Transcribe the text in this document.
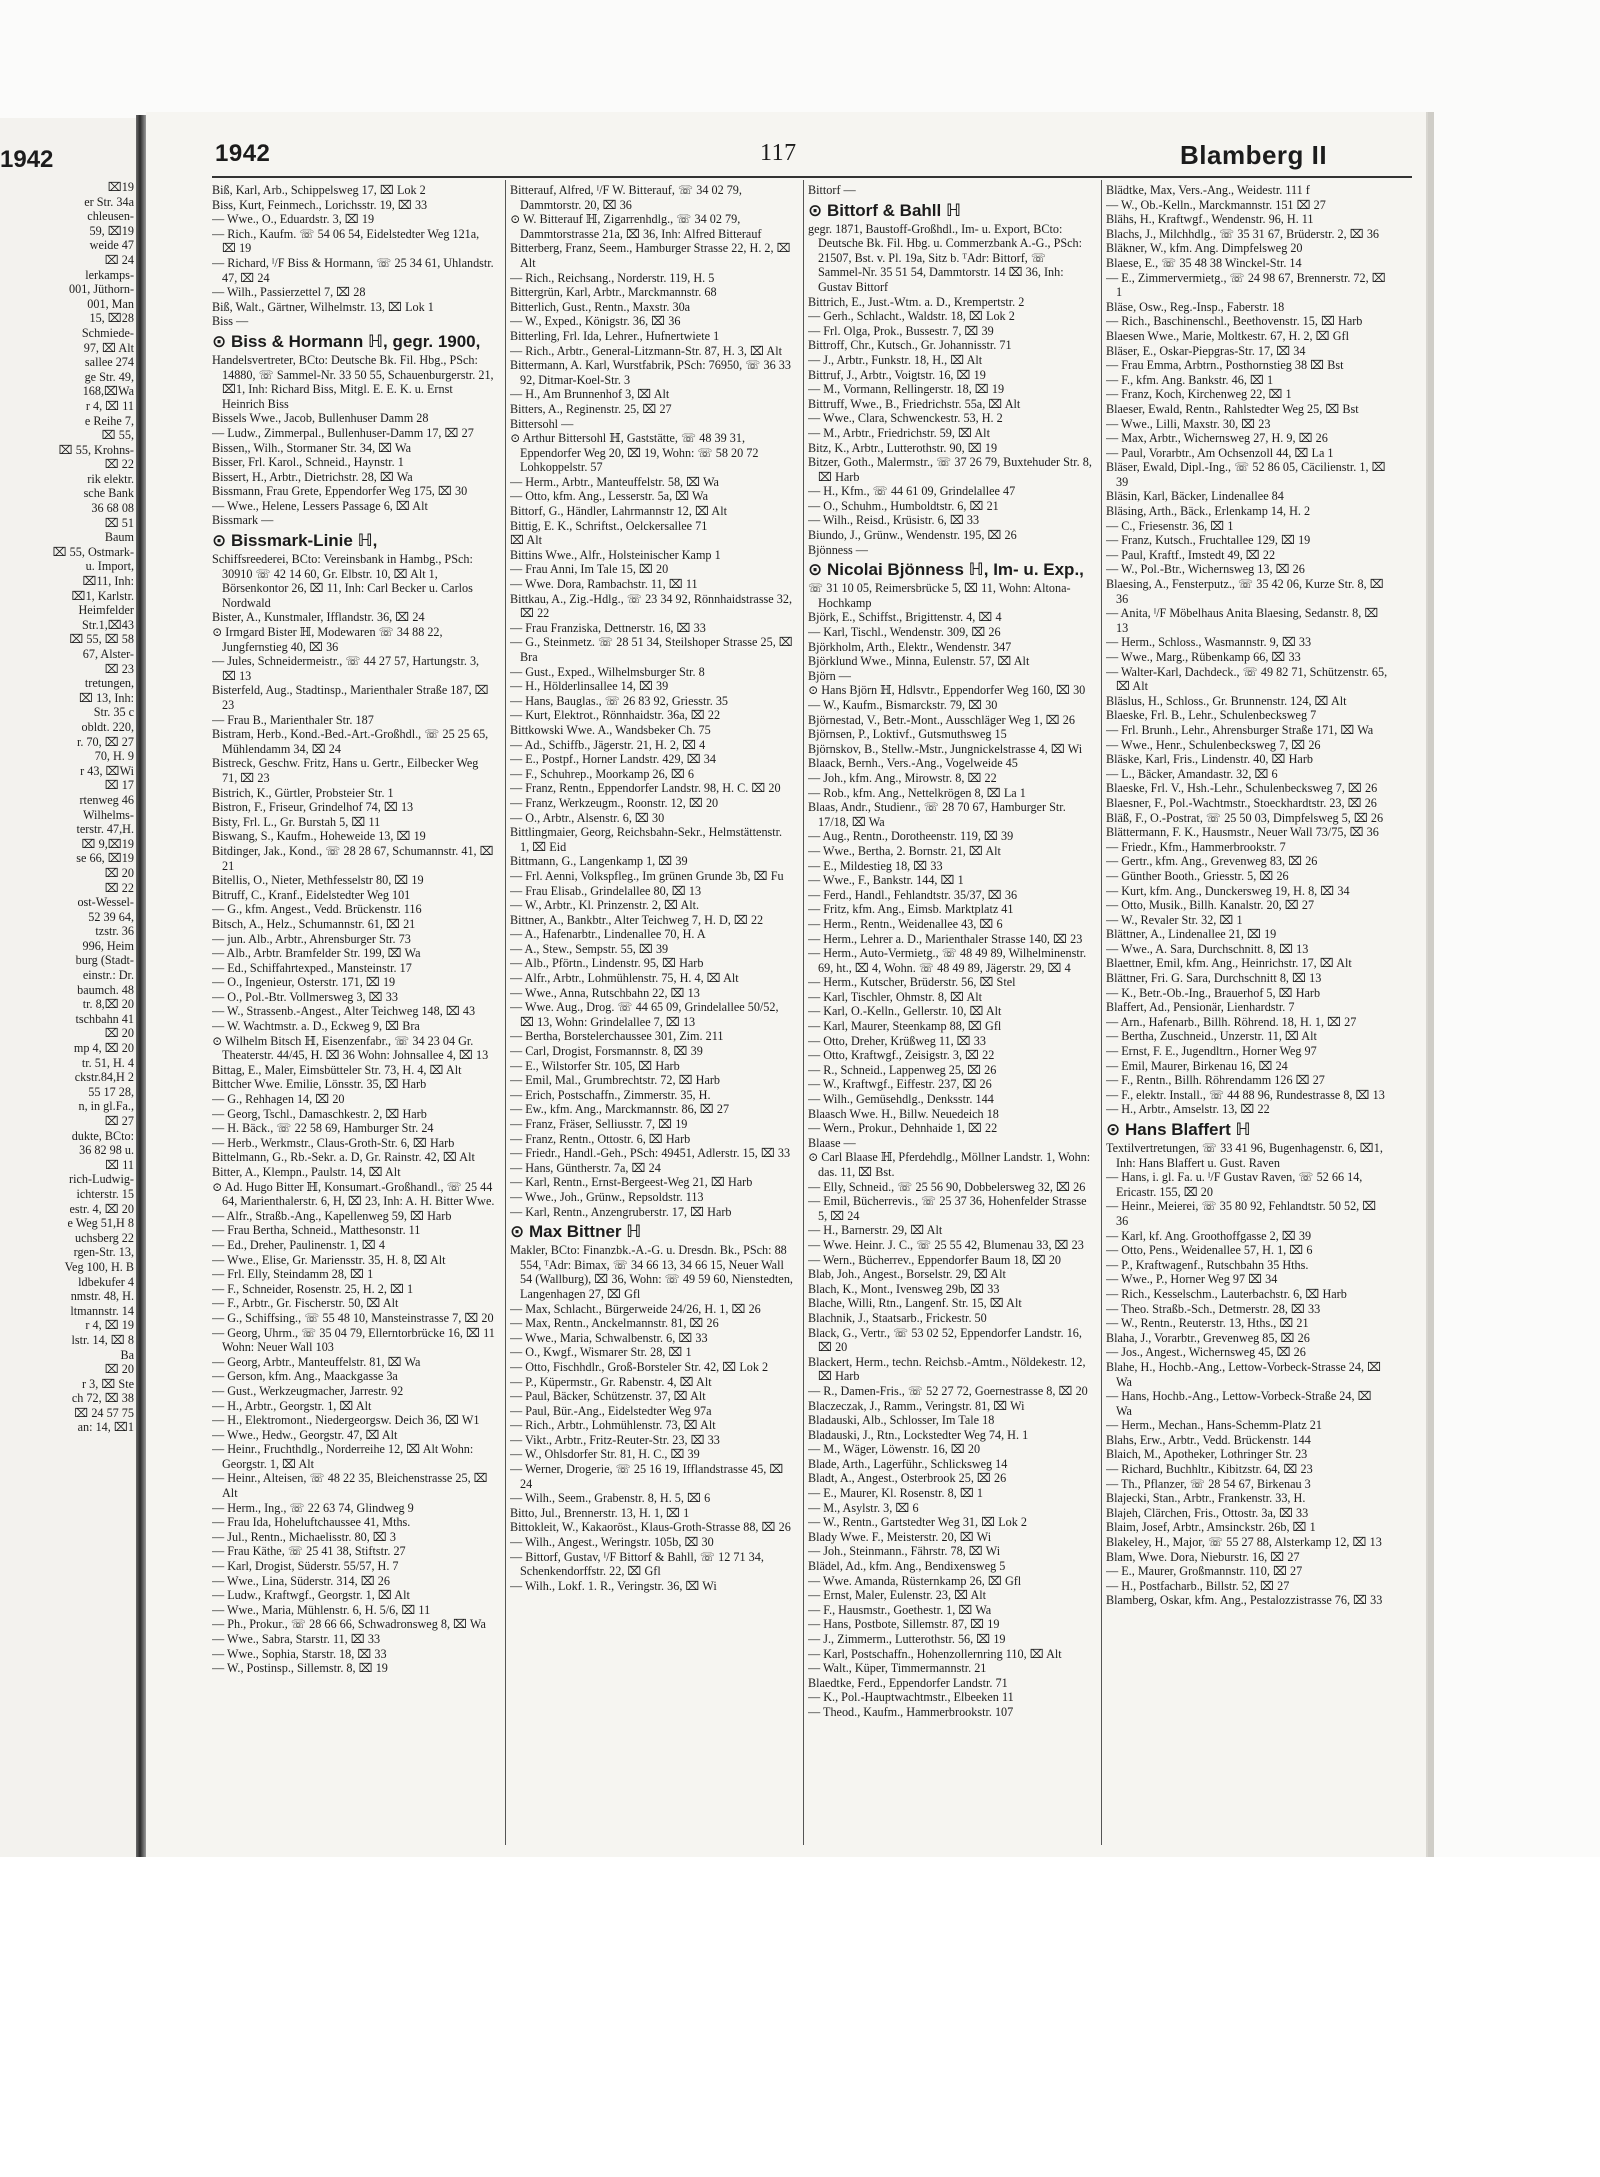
1942
⌧19
er Str. 34a
chleusen-
59, ⌧19
weide 47
⌧ 24
lerkamps-
001, Jüthorn-
001, Man
15, ⌧28
Schmiede-
97, ⌧ Alt
sallee 274
ge Str. 49,
168,⌧Wa
r 4, ⌧ 11
e Reihe 7,
⌧ 55,
⌧ 55, Krohns-
⌧ 22
rik elektr.
sche Bank
36 68 08
⌧ 51
Baum
⌧ 55, Ostmark-
u. Import,
⌧11, Inh:
⌧1, Karlstr.
Heimfelder
Str.1,⌧43
⌧ 55, ⌧ 58
67, Alster-
⌧ 23
tretungen,
⌧ 13, Inh:
Str. 35 c
obldt. 220,
r. 70, ⌧ 27
70, H. 9
r 43, ⌧Wi
⌧ 17
rtenweg 46
Wilhelms-
terstr. 47,H.
⌧ 9,⌧19
se 66, ⌧19
⌧ 20
⌧ 22
ost-Wessel-
52 39 64,
tzstr. 36
996, Heim
burg (Stadt-
einstr.: Dr.
baumch. 48
tr. 8,⌧ 20
tschbahn 41
⌧ 20
mp 4, ⌧ 20
tr. 51, H. 4
ckstr.84,H 2
55 17 28,
n, in gl.Fa.,
⌧ 27
dukte, BCto:
36 82 98 u.
⌧ 11
rich-Ludwig-
ichterstr. 15
estr. 4, ⌧ 20
e Weg 51,H 8
uchsberg 22
rgen-Str. 13,
Veg 100, H. B
ldbekufer 4
nmstr. 48, H.
ltmannstr. 14
r 4, ⌧ 19
lstr. 14, ⌧ 8
Ba
⌧ 20
r 3, ⌧ Ste
ch 72, ⌧ 38
⌧ 24 57 75
an: 14, ⌧1
1942	117	Blamberg II
Biß, Karl, Arb., Schippelsweg 17, ⌧ Lok 2
Biss, Kurt, Feinmech., Lorichsstr. 19, ⌧ 33
— Wwe., O., Eduardstr. 3, ⌧ 19
— Rich., Kaufm. ☏ 54 06 54, Eidelstedter Weg 121a, ⌧ 19
— Richard, ᴵ/F Biss & Hormann, ☏ 25 34 61, Uhlandstr. 47, ⌧ 24
— Wilh., Passierzettel 7, ⌧ 28
Biß, Walt., Gärtner, Wilhelmstr. 13, ⌧ Lok 1
Biss —
⊙ Biss & Hormann ℍ, gegr. 1900,
Handelsvertreter, BCto: Deutsche Bk. Fil. Hbg., PSch: 14880, ☏ Sammel-Nr. 33 50 55, Schauenburgerstr. 21, ⌧1, Inh: Richard Biss, Mitgl. E. E. K. u. Ernst Heinrich Biss
Bissels Wwe., Jacob, Bullenhuser Damm 28
— Ludw., Zimmerpal., Bullenhuser-Damm 17, ⌧ 27
Bissen,, Wilh., Stormaner Str. 34, ⌧ Wa
Bisser, Frl. Karol., Schneid., Haynstr. 1
Bissert, H., Arbtr., Dietrichstr. 28, ⌧ Wa
Bissmann, Frau Grete, Eppendorfer Weg 175, ⌧ 30
— Wwe., Helene, Lessers Passage 6, ⌧ Alt
Bissmark —
⊙ Bissmark-Linie ℍ,
Schiffsreederei, BCto: Vereinsbank in Hambg., PSch: 30910 ☏ 42 14 60, Gr. Elbstr. 10, ⌧ Alt 1, Börsenkontor 26, ⌧ 11, Inh: Carl Becker u. Carlos Nordwald
Bister, A., Kunstmaler, Ifflandstr. 36, ⌧ 24
⊙ Irmgard Bister ℍ, Modewaren ☏ 34 88 22, Jungfernstieg 40, ⌧ 36
— Jules, Schneidermeistr., ☏ 44 27 57, Hartungstr. 3, ⌧ 13
Bisterfeld, Aug., Stadtinsp., Marienthaler Straße 187, ⌧ 23
— Frau B., Marienthaler Str. 187
Bistram, Herb., Kond.-Bed.-Art.-Großhdl., ☏ 25 25 65, Mühlendamm 34, ⌧ 24
Bistreck, Geschw. Fritz, Hans u. Gertr., Eilbecker Weg 71, ⌧ 23
Bistrich, K., Gürtler, Probsteier Str. 1
Bistron, F., Friseur, Grindelhof 74, ⌧ 13
Bisty, Frl. L., Gr. Burstah 5, ⌧ 11
Biswang, S., Kaufm., Hoheweide 13, ⌧ 19
Bitdinger, Jak., Kond., ☏ 28 28 67, Schumannstr. 41, ⌧ 21
Bitellis, O., Nieter, Methfesselstr 80, ⌧ 19
Bitruff, C., Kranf., Eidelstedter Weg 101
— G., kfm. Angest., Vedd. Brückenstr. 116
Bitsch, A., Helz., Schumannstr. 61, ⌧ 21
— jun. Alb., Arbtr., Ahrensburger Str. 73
— Alb., Arbtr. Bramfelder Str. 199, ⌧ Wa
— Ed., Schiffahrtexped., Mansteinstr. 17
— O., Ingenieur, Osterstr. 171, ⌧ 19
— O., Pol.-Btr. Vollmersweg 3, ⌧ 33
— W., Strassenb.-Angest., Alter Teichweg 148, ⌧ 43
— W. Wachtmstr. a. D., Eckweg 9, ⌧ Bra
⊙ Wilhelm Bitsch ℍ, Eisenzenfabr., ☏ 34 23 04 Gr. Theaterstr. 44/45, H. ⌧ 36 Wohn: Johnsallee 4, ⌧ 13
Bittag, E., Maler, Eimsbütteler Str. 73, H. 4, ⌧ Alt
Bittcher Wwe. Emilie, Lönsstr. 35, ⌧ Harb
— G., Rehhagen 14, ⌧ 20
— Georg, Tschl., Damaschkestr. 2, ⌧ Harb
— H. Bäck., ☏ 22 58 69, Hamburger Str. 24
— Herb., Werkmstr., Claus-Groth-Str. 6, ⌧ Harb
Bittelmann, G., Rb.-Sekr. a. D, Gr. Rainstr. 42, ⌧ Alt
Bitter, A., Klempn., Paulstr. 14, ⌧ Alt
⊙ Ad. Hugo Bitter ℍ, Konsumart.-Großhandl., ☏ 25 44 64, Marienthalerstr. 6, H, ⌧ 23, Inh: A. H. Bitter Wwe.
— Alfr., Straßb.-Ang., Kapellenweg 59, ⌧ Harb
— Frau Bertha, Schneid., Matthesonstr. 11
— Ed., Dreher, Paulinenstr. 1, ⌧ 4
— Wwe., Elise, Gr. Mariensstr. 35, H. 8, ⌧ Alt
— Frl. Elly, Steindamm 28, ⌧ 1
— F., Schneider, Rosenstr. 25, H. 2, ⌧ 1
— F., Arbtr., Gr. Fischerstr. 50, ⌧ Alt
— G., Schiffsing., ☏ 55 48 10, Mansteinstrasse 7, ⌧ 20
— Georg, Uhrm., ☏ 35 04 79, Ellerntorbrücke 16, ⌧ 11 Wohn: Neuer Wall 103
— Georg, Arbtr., Manteuffelstr. 81, ⌧ Wa
— Gerson, kfm. Ang., Maackgasse 3a
— Gust., Werkzeugmacher, Jarrestr. 92
— H., Arbtr., Georgstr. 1, ⌧ Alt
— H., Elektromont., Niedergeorgsw. Deich 36, ⌧ W1
— Wwe., Hedw., Georgstr. 47, ⌧ Alt
— Heinr., Fruchthdlg., Norderreihe 12, ⌧ Alt Wohn: Georgstr. 1, ⌧ Alt
— Heinr., Alteisen, ☏ 48 22 35, Bleichenstrasse 25, ⌧ Alt
— Herm., Ing., ☏ 22 63 74, Glindweg 9
— Frau Ida, Hoheluftchaussee 41, Mths.
— Jul., Rentn., Michaelisstr. 80, ⌧ 3
— Frau Käthe, ☏ 25 41 38, Stiftstr. 27
— Karl, Drogist, Süderstr. 55/57, H. 7
— Wwe., Lina, Süderstr. 314, ⌧ 26
— Ludw., Kraftwgf., Georgstr. 1, ⌧ Alt
— Wwe., Maria, Mühlenstr. 6, H. 5/6, ⌧ 11
— Ph., Prokur., ☏ 28 66 66, Schwadronsweg 8, ⌧ Wa
— Wwe., Sabra, Starstr. 11, ⌧ 33
— Wwe., Sophia, Starstr. 18, ⌧ 33
— W., Postinsp., Sillemstr. 8, ⌧ 19
Bitterauf, Alfred, ᴵ/F W. Bitterauf, ☏ 34 02 79, Dammtorstr. 20, ⌧ 36
⊙ W. Bitterauf ℍ, Zigarrenhdlg., ☏ 34 02 79, Dammtorstrasse 21a, ⌧ 36, Inh: Alfred Bitterauf
Bitterberg, Franz, Seem., Hamburger Strasse 22, H. 2, ⌧ Alt
— Rich., Reichsang., Norderstr. 119, H. 5
Bittergrün, Karl, Arbtr., Marckmannstr. 68
Bitterlich, Gust., Rentn., Maxstr. 30a
— W., Exped., Königstr. 36, ⌧ 36
Bitterling, Frl. Ida, Lehrer., Hufnertwiete 1
— Rich., Arbtr., General-Litzmann-Str. 87, H. 3, ⌧ Alt
Bittermann, A. Karl, Wurstfabrik, PSch: 76950, ☏ 36 33 92, Ditmar-Koel-Str. 3
— H., Am Brunnenhof 3, ⌧ Alt
Bitters, A., Reginenstr. 25, ⌧ 27
Bittersohl —
⊙ Arthur Bittersohl ℍ, Gaststätte, ☏ 48 39 31, Eppendorfer Weg 20, ⌧ 19, Wohn: ☏ 58 20 72 Lohkoppelstr. 57
— Herm., Arbtr., Manteuffelstr. 58, ⌧ Wa
— Otto, kfm. Ang., Lesserstr. 5a, ⌧ Wa
Bittorf, G., Händler, Lahrmannstr 12, ⌧ Alt
Bittig, E. K., Schriftst., Oelckersallee 71
⌧ Alt
Bittins Wwe., Alfr., Holsteinischer Kamp 1
— Frau Anni, Im Tale 15, ⌧ 20
— Wwe. Dora, Rambachstr. 11, ⌧ 11
Bittkau, A., Zig.-Hdlg., ☏ 23 34 92, Rönnhaidstrasse 32, ⌧ 22
— Frau Franziska, Dettnerstr. 16, ⌧ 33
— G., Steinmetz. ☏ 28 51 34, Steilshoper Strasse 25, ⌧ Bra
— Gust., Exped., Wilhelmsburger Str. 8
— H., Hölderlinsallee 14, ⌧ 39
— Hans, Bauglas., ☏ 26 83 92, Griesstr. 35
— Kurt, Elektrot., Rönnhaidstr. 36a, ⌧ 22
Bittkowski Wwe. A., Wandsbeker Ch. 75
— Ad., Schiffb., Jägerstr. 21, H. 2, ⌧ 4
— E., Postpf., Horner Landstr. 429, ⌧ 34
— F., Schuhrep., Moorkamp 26, ⌧ 6
— Franz, Rentn., Eppendorfer Landstr. 98, H. C. ⌧ 20
— Franz, Werkzeugm., Roonstr. 12, ⌧ 20
— O., Arbtr., Alsenstr. 6, ⌧ 30
Bittlingmaier, Georg, Reichsbahn-Sekr., Helmstättenstr. 1, ⌧ Eid
Bittmann, G., Langenkamp 1, ⌧ 39
— Frl. Aenni, Volkspfleg., Im grünen Grunde 3b, ⌧ Fu
— Frau Elisab., Grindelallee 80, ⌧ 13
— W., Arbtr., Kl. Prinzenstr. 2, ⌧ Alt.
Bittner, A., Bankbtr., Alter Teichweg 7, H. D, ⌧ 22
— A., Hafenarbtr., Lindenallee 70, H. A
— A., Stew., Sempstr. 55, ⌧ 39
— Alb., Pförtn., Lindenstr. 95, ⌧ Harb
— Alfr., Arbtr., Lohmühlenstr. 75, H. 4, ⌧ Alt
— Wwe., Anna, Rutschbahn 22, ⌧ 13
— Wwe. Aug., Drog. ☏ 44 65 09, Grindelallee 50/52, ⌧ 13, Wohn: Grindelallee 7, ⌧ 13
— Bertha, Borstelerchaussee 301, Zim. 211
— Carl, Drogist, Forsmannstr. 8, ⌧ 39
— E., Wilstorfer Str. 105, ⌧ Harb
— Emil, Mal., Grumbrechtstr. 72, ⌧ Harb
— Erich, Postschaffn., Zimmerstr. 35, H.
— Ew., kfm. Ang., Marckmannstr. 86, ⌧ 27
— Franz, Fräser, Selliusstr. 7, ⌧ 19
— Franz, Rentn., Ottostr. 6, ⌧ Harb
— Friedr., Handl.-Geh., PSch: 49451, Adlerstr. 15, ⌧ 33
— Hans, Güntherstr. 7a, ⌧ 24
— Karl, Rentn., Ernst-Bergeest-Weg 21, ⌧ Harb
— Wwe., Joh., Grünw., Repsoldstr. 113
— Karl, Rentn., Anzengruberstr. 17, ⌧ Harb
⊙ Max Bittner ℍ
Makler, BCto: Finanzbk.-A.-G. u. Dresdn. Bk., PSch: 88 554, ᵀAdr: Bimax, ☏ 34 66 13, 34 66 15, Neuer Wall 54 (Wallburg), ⌧ 36, Wohn: ☏ 49 59 60, Nienstedten, Langenhagen 27, ⌧ Gfl
— Max, Schlacht., Bürgerweide 24/26, H. 1, ⌧ 26
— Max, Rentn., Anckelmannstr. 81, ⌧ 26
— Wwe., Maria, Schwalbenstr. 6, ⌧ 33
— O., Kwgf., Wismarer Str. 28, ⌧ 1
— Otto, Fischhdlr., Groß-Borsteler Str. 42, ⌧ Lok 2
— P., Küpermstr., Gr. Rabenstr. 4, ⌧ Alt
— Paul, Bäcker, Schützenstr. 37, ⌧ Alt
— Paul, Bür.-Ang., Eidelstedter Weg 97a
— Rich., Arbtr., Lohmühlenstr. 73, ⌧ Alt
— Vikt., Arbtr., Fritz-Reuter-Str. 23, ⌧ 33
— W., Ohlsdorfer Str. 81, H. C., ⌧ 39
— Werner, Drogerie, ☏ 25 16 19, Ifflandstrasse 45, ⌧ 24
— Wilh., Seem., Grabenstr. 8, H. 5, ⌧ 6
Bitto, Jul., Brennerstr. 13, H. 1, ⌧ 1
Bittokleit, W., Kakaoröst., Klaus-Groth-Strasse 88, ⌧ 26
— Wilh., Angest., Weringstr. 105b, ⌧ 30
— Bittorf, Gustav, ᴵ/F Bittorf & Bahll, ☏ 12 71 34, Schenkendorffstr. 22, ⌧ Gfl
— Wilh., Lokf. 1. R., Veringstr. 36, ⌧ Wi
Bittorf —
⊙ Bittorf & Bahll ℍ
gegr. 1871, Baustoff-Großhdl., Im- u. Export, BCto: Deutsche Bk. Fil. Hbg. u. Commerzbank A.-G., PSch: 21507, Bst. v. Pl. 19a, Sitz b. ᵀAdr: Bittorf, ☏ Sammel-Nr. 35 51 54, Dammtorstr. 14 ⌧ 36, Inh: Gustav Bittorf
Bittrich, E., Just.-Wtm. a. D., Krempertstr. 2
— Gerh., Schlacht., Waldstr. 18, ⌧ Lok 2
— Frl. Olga, Prok., Bussestr. 7, ⌧ 39
Bittroff, Chr., Kutsch., Gr. Johannisstr. 71
— J., Arbtr., Funkstr. 18, H., ⌧ Alt
Bittruf, J., Arbtr., Voigtstr. 16, ⌧ 19
— M., Vormann, Rellingerstr. 18, ⌧ 19
Bittruff, Wwe., B., Friedrichstr. 55a, ⌧ Alt
— Wwe., Clara, Schwenckestr. 53, H. 2
— M., Arbtr., Friedrichstr. 59, ⌧ Alt
Bitz, K., Arbtr., Lutterothstr. 90, ⌧ 19
Bitzer, Goth., Malermstr., ☏ 37 26 79, Buxtehuder Str. 8, ⌧ Harb
— H., Kfm., ☏ 44 61 09, Grindelallee 47
— O., Schuhm., Humboldtstr. 6, ⌧ 21
— Wilh., Reisd., Krüsistr. 6, ⌧ 33
Biundo, J., Grünw., Wendenstr. 195, ⌧ 26
Bjönness —
⊙ Nicolai Bjönness ℍ, Im- u. Exp.,
☏ 31 10 05, Reimersbrücke 5, ⌧ 11, Wohn: Altona-Hochkamp
Björk, E., Schiffst., Brigittenstr. 4, ⌧ 4
— Karl, Tischl., Wendenstr. 309, ⌧ 26
Björkholm, Arth., Elektr., Wendenstr. 347
Björklund Wwe., Minna, Eulenstr. 57, ⌧ Alt
Björn —
⊙ Hans Björn ℍ, Hdlsvtr., Eppendorfer Weg 160, ⌧ 30
— W., Kaufm., Bismarckstr. 79, ⌧ 30
Björnestad, V., Betr.-Mont., Ausschläger Weg 1, ⌧ 26
Björnsen, P., Loktivf., Gutsmuthsweg 15
Björnskov, B., Stellw.-Mstr., Jungnickelstrasse 4, ⌧ Wi
Blaack, Bernh., Vers.-Ang., Vogelweide 45
— Joh., kfm. Ang., Mirowstr. 8, ⌧ 22
— Rob., kfm. Ang., Nettelkrögen 8, ⌧ La 1
Blaas, Andr., Studienr., ☏ 28 70 67, Hamburger Str. 17/18, ⌧ Wa
— Aug., Rentn., Dorotheenstr. 119, ⌧ 39
— Wwe., Bertha, 2. Bornstr. 21, ⌧ Alt
— E., Mildestieg 18, ⌧ 33
— Wwe., F., Bankstr. 144, ⌧ 1
— Ferd., Handl., Fehlandtstr. 35/37, ⌧ 36
— Fritz, kfm. Ang., Eimsb. Marktplatz 41
— Herm., Rentn., Weidenallee 43, ⌧ 6
— Herm., Lehrer a. D., Marienthaler Strasse 140, ⌧ 23
— Herm., Auto-Vermietg., ☏ 48 49 89, Wilhelminenstr. 69, ht., ⌧ 4, Wohn. ☏ 48 49 89, Jägerstr. 29, ⌧ 4
— Herm., Kutscher, Brüderstr. 56, ⌧ Stel
— Karl, Tischler, Ohmstr. 8, ⌧ Alt
— Karl, O.-Kelln., Gellerstr. 10, ⌧ Alt
— Karl, Maurer, Steenkamp 88, ⌧ Gfl
— Otto, Dreher, Krüßweg 11, ⌧ 33
— Otto, Kraftwgf., Zeisigstr. 3, ⌧ 22
— R., Schneid., Lappenweg 25, ⌧ 26
— W., Kraftwgf., Eiffestr. 237, ⌧ 26
— Wilh., Gemüsehdlg., Denksstr. 144
Blaasch Wwe. H., Billw. Neuedeich 18
— Wern., Prokur., Dehnhaide 1, ⌧ 22
Blaase —
⊙ Carl Blaase ℍ, Pferdehdlg., Möllner Landstr. 1, Wohn: das. 11, ⌧ Bst.
— Elly, Schneid., ☏ 25 56 90, Dobbelersweg 32, ⌧ 26
— Emil, Bücherrevis., ☏ 25 37 36, Hohenfelder Strasse 5, ⌧ 24
— H., Barnerstr. 29, ⌧ Alt
— Wwe. Heinr. J. C., ☏ 25 55 42, Blumenau 33, ⌧ 23
— Wern., Bücherrev., Eppendorfer Baum 18, ⌧ 20
Blab, Joh., Angest., Borselstr. 29, ⌧ Alt
Blach, K., Mont., Ivensweg 29b, ⌧ 33
Blache, Willi, Rtn., Langenf. Str. 15, ⌧ Alt
Blachnik, J., Staatsarb., Frickestr. 50
Black, G., Vertr., ☏ 53 02 52, Eppendorfer Landstr. 16, ⌧ 20
Blackert, Herm., techn. Reichsb.-Amtm., Nöldekestr. 12, ⌧ Harb
— R., Damen-Fris., ☏ 52 27 72, Goernestrasse 8, ⌧ 20
Blaczeczak, J., Ramm., Veringstr. 81, ⌧ Wi
Bladauski, Alb., Schlosser, Im Tale 18
Bladauski, J., Rtn., Lockstedter Weg 74, H. 1
— M., Wäger, Löwenstr. 16, ⌧ 20
Blade, Arth., Lagerführ., Schlicksweg 14
Bladt, A., Angest., Osterbrook 25, ⌧ 26
— E., Maurer, Kl. Rosenstr. 8, ⌧ 1
— M., Asylstr. 3, ⌧ 6
— W., Rentn., Gartstedter Weg 31, ⌧ Lok 2
Blady Wwe. F., Meisterstr. 20, ⌧ Wi
— Joh., Steinmann., Fährstr. 78, ⌧ Wi
Blädel, Ad., kfm. Ang., Bendixensweg 5
— Wwe. Amanda, Rüsternkamp 26, ⌧ Gfl
— Ernst, Maler, Eulenstr. 23, ⌧ Alt
— F., Hausmstr., Goethestr. 1, ⌧ Wa
— Hans, Postbote, Sillemstr. 87, ⌧ 19
— J., Zimmerm., Lutterothstr. 56, ⌧ 19
— Karl, Postschaffn., Hohenzollernring 110, ⌧ Alt
— Walt., Küper, Timmermannstr. 21
Blaedtke, Ferd., Eppendorfer Landstr. 71
— K., Pol.-Hauptwachtmstr., Elbeeken 11
— Theod., Kaufm., Hammerbrookstr. 107
Blädtke, Max, Vers.-Ang., Weidestr. 111 f
— W., Ob.-Kelln., Marckmannstr. 151 ⌧ 27
Blähs, H., Kraftwgf., Wendenstr. 96, H. 11
Blachs, J., Milchhdlg., ☏ 35 31 67, Brüderstr. 2, ⌧ 36
Bläkner, W., kfm. Ang. Dimpfelsweg 20
Blaese, E., ☏ 35 48 38 Winckel-Str. 14
— E., Zimmervermietg., ☏ 24 98 67, Brennerstr. 72, ⌧ 1
Bläse, Osw., Reg.-Insp., Faberstr. 18
— Rich., Baschinenschl., Beethovenstr. 15, ⌧ Harb
Blaesen Wwe., Marie, Moltkestr. 67, H. 2, ⌧ Gfl
Bläser, E., Oskar-Piepgras-Str. 17, ⌧ 34
— Frau Emma, Arbtrn., Posthornstieg 38 ⌧ Bst
— F., kfm. Ang. Bankstr. 46, ⌧ 1
— Franz, Koch, Kirchenweg 22, ⌧ 1
Blaeser, Ewald, Rentn., Rahlstedter Weg 25, ⌧ Bst
— Wwe., Lilli, Maxstr. 30, ⌧ 23
— Max, Arbtr., Wichernsweg 27, H. 9, ⌧ 26
— Paul, Vorarbtr., Am Ochsenzoll 44, ⌧ La 1
Bläser, Ewald, Dipl.-Ing., ☏ 52 86 05, Cäcilienstr. 1, ⌧ 39
Bläsin, Karl, Bäcker, Lindenallee 84
Bläsing, Arth., Bäck., Erlenkamp 14, H. 2
— C., Friesenstr. 36, ⌧ 1
— Franz, Kutsch., Fruchtallee 129, ⌧ 19
— Paul, Kraftf., Imstedt 49, ⌧ 22
— W., Pol.-Btr., Wichernsweg 13, ⌧ 26
Blaesing, A., Fensterputz., ☏ 35 42 06, Kurze Str. 8, ⌧ 36
— Anita, ᴵ/F Möbelhaus Anita Blaesing, Sedanstr. 8, ⌧ 13
— Herm., Schloss., Wasmannstr. 9, ⌧ 33
— Wwe., Marg., Rübenkamp 66, ⌧ 33
— Walter-Karl, Dachdeck., ☏ 49 82 71, Schützenstr. 65, ⌧ Alt
Bläslus, H., Schloss., Gr. Brunnenstr. 124, ⌧ Alt
Blaeske, Frl. B., Lehr., Schulenbecksweg 7
— Frl. Brunh., Lehr., Ahrensburger Straße 171, ⌧ Wa
— Wwe., Henr., Schulenbecksweg 7, ⌧ 26
Bläske, Karl, Fris., Lindenstr. 40, ⌧ Harb
— L., Bäcker, Amandastr. 32, ⌧ 6
Blaeske, Frl. V., Hsh.-Lehr., Schulenbecksweg 7, ⌧ 26
Blaesner, F., Pol.-Wachtmstr., Stoeckhardtstr. 23, ⌧ 26
Bläß, F., O.-Postrat, ☏ 25 50 03, Dimpfelsweg 5, ⌧ 26
Blättermann, F. K., Hausmstr., Neuer Wall 73/75, ⌧ 36
— Friedr., Kfm., Hammerbrookstr. 7
— Gertr., kfm. Ang., Grevenweg 83, ⌧ 26
— Günther Booth., Griesstr. 5, ⌧ 26
— Kurt, kfm. Ang., Dunckersweg 19, H. 8, ⌧ 34
— Otto, Musik., Billh. Kanalstr. 20, ⌧ 27
— W., Revaler Str. 32, ⌧ 1
Blättner, A., Lindenallee 21, ⌧ 19
— Wwe., A. Sara, Durchschnitt. 8, ⌧ 13
Blaettner, Emil, kfm. Ang., Heinrichstr. 17, ⌧ Alt
Blättner, Fri. G. Sara, Durchschnitt 8, ⌧ 13
— K., Betr.-Ob.-Ing., Brauerhof 5, ⌧ Harb
Blaffert, Ad., Pensionär, Lienhardstr. 7
— Arn., Hafenarb., Billh. Röhrend. 18, H. 1, ⌧ 27
— Bertha, Zuschneid., Unzerstr. 11, ⌧ Alt
— Ernst, F. E., Jugendltrn., Horner Weg 97
— Emil, Maurer, Birkenau 16, ⌧ 24
— F., Rentn., Billh. Röhrendamm 126 ⌧ 27
— F., elektr. Install., ☏ 44 88 96, Rundestrasse 8, ⌧ 13
— H., Arbtr., Amselstr. 13, ⌧ 22
⊙ Hans Blaffert ℍ
Textilvertretungen, ☏ 33 41 96, Bugenhagenstr. 6, ⌧1, Inh: Hans Blaffert u. Gust. Raven
— Hans, i. gl. Fa. u. ᴵ/F Gustav Raven, ☏ 52 66 14, Ericastr. 155, ⌧ 20
— Heinr., Meierei, ☏ 35 80 92, Fehlandtstr. 50 52, ⌧ 36
— Karl, kf. Ang. Groothoffgasse 2, ⌧ 39
— Otto, Pens., Weidenallee 57, H. 1, ⌧ 6
— P., Kraftwagenf., Rutschbahn 35 Hths.
— Wwe., P., Horner Weg 97 ⌧ 34
— Rich., Kesselschm., Lauterbachstr. 6, ⌧ Harb
— Theo. Straßb.-Sch., Detmerstr. 28, ⌧ 33
— W., Rentn., Reuterstr. 13, Hths., ⌧ 21
Blaha, J., Vorarbtr., Grevenweg 85, ⌧ 26
— Jos., Angest., Wichernsweg 45, ⌧ 26
Blahe, H., Hochb.-Ang., Lettow-Vorbeck-Strasse 24, ⌧ Wa
— Hans, Hochb.-Ang., Lettow-Vorbeck-Straße 24, ⌧ Wa
— Herm., Mechan., Hans-Schemm-Platz 21
Blahs, Erw., Arbtr., Vedd. Brückenstr. 144
Blaich, M., Apotheker, Lothringer Str. 23
— Richard, Buchhltr., Kibitzstr. 64, ⌧ 23
— Th., Pflanzer, ☏ 28 54 67, Birkenau 3
Blajecki, Stan., Arbtr., Frankenstr. 33, H.
Blajeh, Clärchen, Fris., Ottostr. 3a, ⌧ 33
Blaim, Josef, Arbtr., Amsinckstr. 26b, ⌧ 1
Blakeley, H., Major, ☏ 55 27 88, Alsterkamp 12, ⌧ 13
Blam, Wwe. Dora, Nieburstr. 16, ⌧ 27
— E., Maurer, Großmannstr. 110, ⌧ 27
— H., Postfacharb., Billstr. 52, ⌧ 27
Blamberg, Oskar, kfm. Ang., Pestalozzistrasse 76, ⌧ 33
